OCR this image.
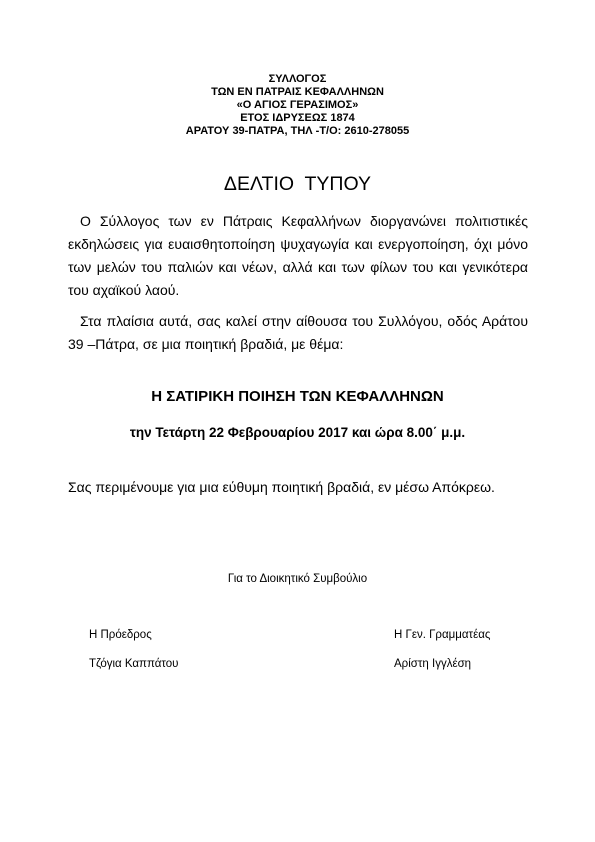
ΣΥΛΛΟΓΟΣ
ΤΩΝ ΕΝ ΠΑΤΡΑΙΣ ΚΕΦΑΛΛΗΝΩΝ
«Ο ΑΓΙΟΣ ΓΕΡΑΣΙΜΟΣ»
ΕΤΟΣ ΙΔΡΥΣΕΩΣ 1874
ΑΡΑΤΟΥ 39-ΠΑΤΡΑ, ΤΗΛ -Τ/Ο: 2610-278055
ΔΕΛΤΙΟ  ΤΥΠΟΥ

Ο Σύλλογος των εν Πάτραις Κεφαλλήνων διοργανώνει πολιτιστικές εκδηλώσεις για ευαισθητοποίηση ψυχαγωγία και ενεργοποίηση, όχι μόνο των μελών του παλιών και νέων, αλλά και των φίλων του και γενικότερα του αχαϊκού λαού.

Στα πλαίσια αυτά, σας καλεί στην αίθουσα του Συλλόγου, οδός Αράτου 39 –Πάτρα, σε μια ποιητική βραδιά, με θέμα:

Η ΣΑΤΙΡΙΚΗ ΠΟΙΗΣΗ ΤΩΝ ΚΕΦΑΛΛΗΝΩΝ
την Τετάρτη 22 Φεβρουαρίου 2017 και ώρα 8.00΄ μ.μ.
Σας περιμένουμε για μια εύθυμη ποιητική βραδιά, εν μέσω Απόκρεω.
Για το Διοικητικό Συμβούλιο
Η Πρόεδρος
Τζόγια Καππάτου
Η Γεν. Γραμματέας
Αρίστη Ιγγλέση
